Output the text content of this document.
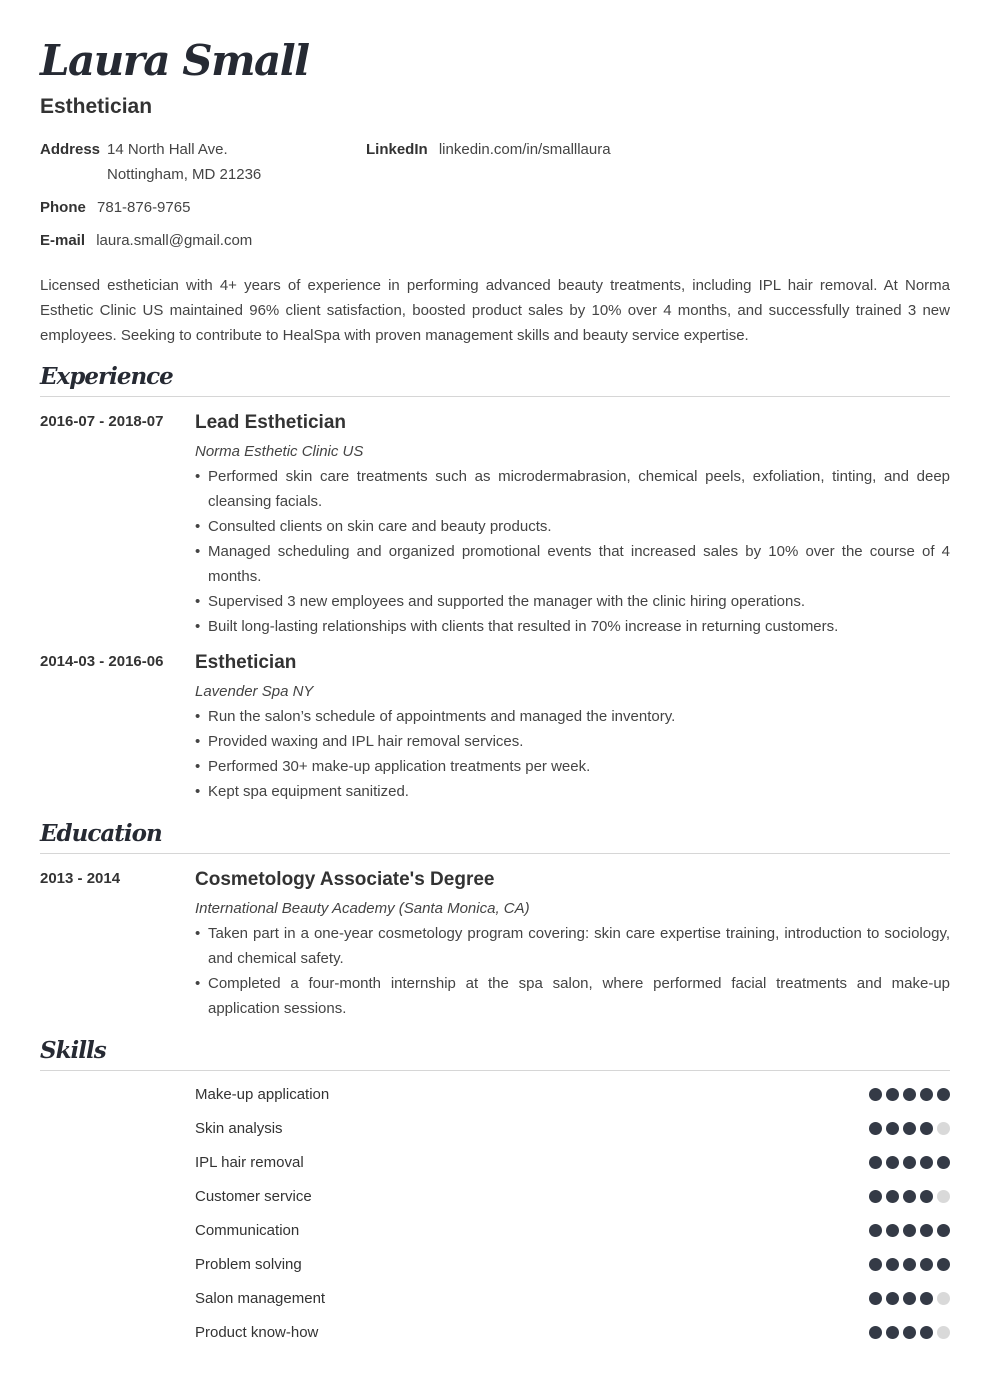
Laura Small
Esthetician
Address 14 North Hall Ave.
Nottingham, MD 21236
LinkedIn linkedin.com/in/smalllaura
Phone 781-876-9765
E-mail laura.small@gmail.com
Licensed esthetician with 4+ years of experience in performing advanced beauty treatments, including IPL hair removal. At Norma Esthetic Clinic US maintained 96% client satisfaction, boosted product sales by 10% over 4 months, and successfully trained 3 new employees. Seeking to contribute to HealSpa with proven management skills and beauty service expertise.
Experience
2016-07 - 2018-07 Lead Esthetician
Norma Esthetic Clinic US
• Performed skin care treatments such as microdermabrasion, chemical peels, exfoliation, tinting, and deep cleansing facials.
• Consulted clients on skin care and beauty products.
• Managed scheduling and organized promotional events that increased sales by 10% over the course of 4 months.
• Supervised 3 new employees and supported the manager with the clinic hiring operations.
• Built long-lasting relationships with clients that resulted in 70% increase in returning customers.
2014-03 - 2016-06 Esthetician
Lavender Spa NY
• Run the salon’s schedule of appointments and managed the inventory.
• Provided waxing and IPL hair removal services.
• Performed 30+ make-up application treatments per week.
• Kept spa equipment sanitized.
Education
2013 - 2014	Cosmetology Associate's Degree
International Beauty Academy (Santa Monica, CA)
• Taken part in a one-year cosmetology program covering: skin care expertise training, introduction to sociology, and chemical safety.
• Completed a four-month internship at the spa salon, where performed facial treatments and make-up application sessions.
Skills
Make-up application
Skin analysis
IPL hair removal
Customer service
Communication
Problem solving
Salon management
Product know-how
